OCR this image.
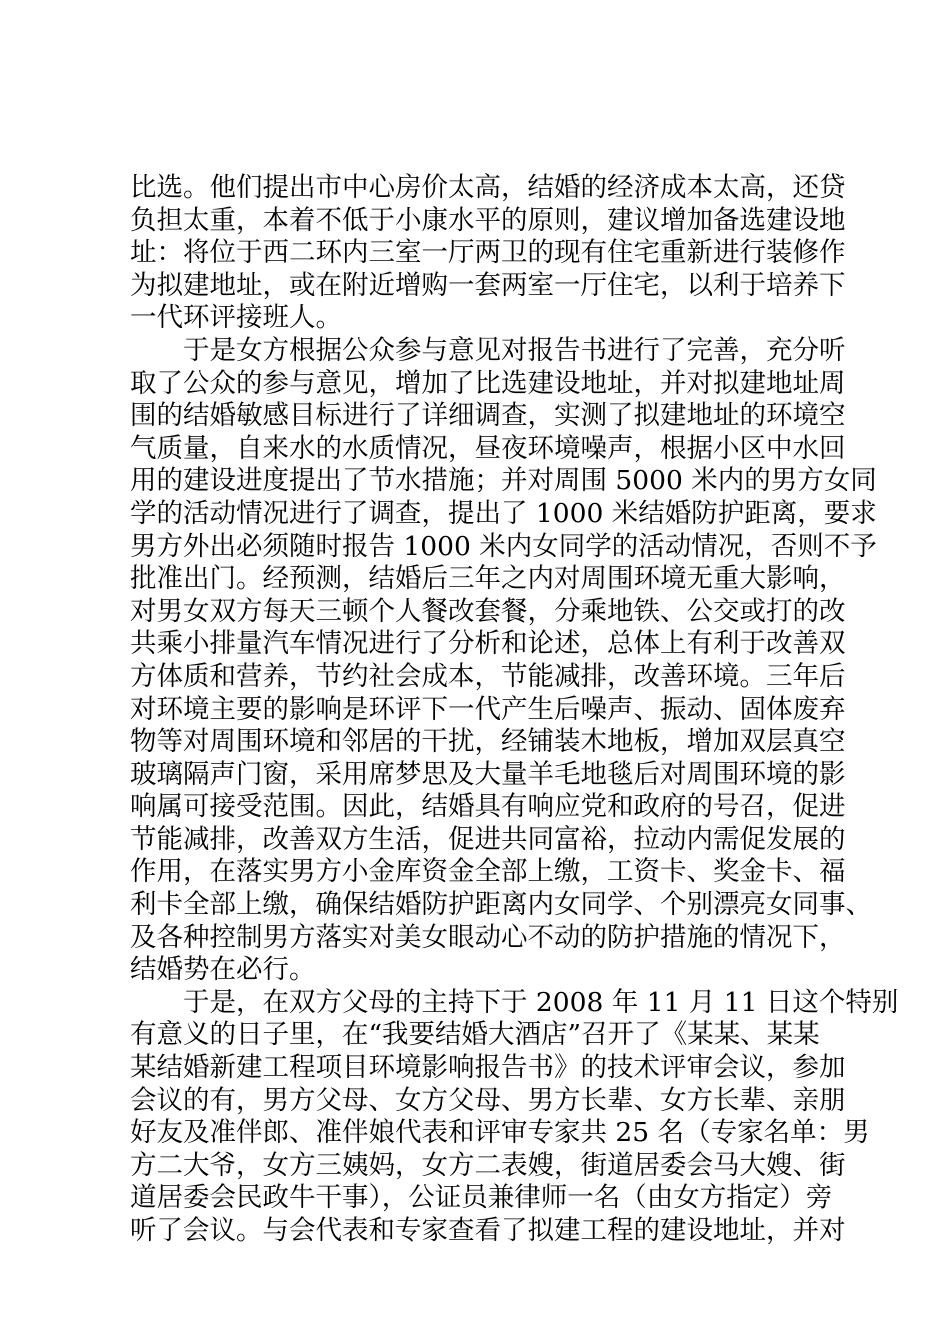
比选。他们提出市中心房价太高，结婚的经济成本太高，还贷
负担太重，本着不低于小康水平的原则，建议增加备选建设地
址：将位于西二环内三室一厅两卫的现有住宅重新进行装修作
为拟建地址，或在附近增购一套两室一厅住宅，以利于培养下
一代环评接班人。
　　于是女方根据公众参与意见对报告书进行了完善，充分听
取了公众的参与意见，增加了比选建设地址，并对拟建地址周
围的结婚敏感目标进行了详细调查，实测了拟建地址的环境空
气质量，自来水的水质情况，昼夜环境噪声，根据小区中水回
用的建设进度提出了节水措施；并对周围 5000 米内的男方女同
学的活动情况进行了调查，提出了 1000 米结婚防护距离，要求
男方外出必须随时报告 1000 米内女同学的活动情况，否则不予
批准出门。经预测，结婚后三年之内对周围环境无重大影响，
对男女双方每天三顿个人餐改套餐，分乘地铁、公交或打的改
共乘小排量汽车情况进行了分析和论述，总体上有利于改善双
方体质和营养，节约社会成本，节能减排，改善环境。三年后
对环境主要的影响是环评下一代产生后噪声、振动、固体废弃
物等对周围环境和邻居的干扰，经铺装木地板，增加双层真空
玻璃隔声门窗，采用席梦思及大量羊毛地毯后对周围环境的影
响属可接受范围。因此，结婚具有响应党和政府的号召，促进
节能减排，改善双方生活，促进共同富裕，拉动内需促发展的
作用，在落实男方小金库资金全部上缴，工资卡、奖金卡、福
利卡全部上缴，确保结婚防护距离内女同学、个别漂亮女同事、
及各种控制男方落实对美女眼动心不动的防护措施的情况下，
结婚势在必行。
　　于是，在双方父母的主持下于 2008 年 11 月 11 日这个特别
有意义的日子里，在“我要结婚大酒店”召开了《某某、某某
某结婚新建工程项目环境影响报告书》的技术评审会议，参加
会议的有，男方父母、女方父母、男方长辈、女方长辈、亲朋
好友及准伴郎、准伴娘代表和评审专家共 25 名（专家名单：男
方二大爷，女方三姨妈，女方二表嫂，街道居委会马大嫂、街
道居委会民政牛干事），公证员兼律师一名（由女方指定）旁
听了会议。与会代表和专家查看了拟建工程的建设地址，并对
